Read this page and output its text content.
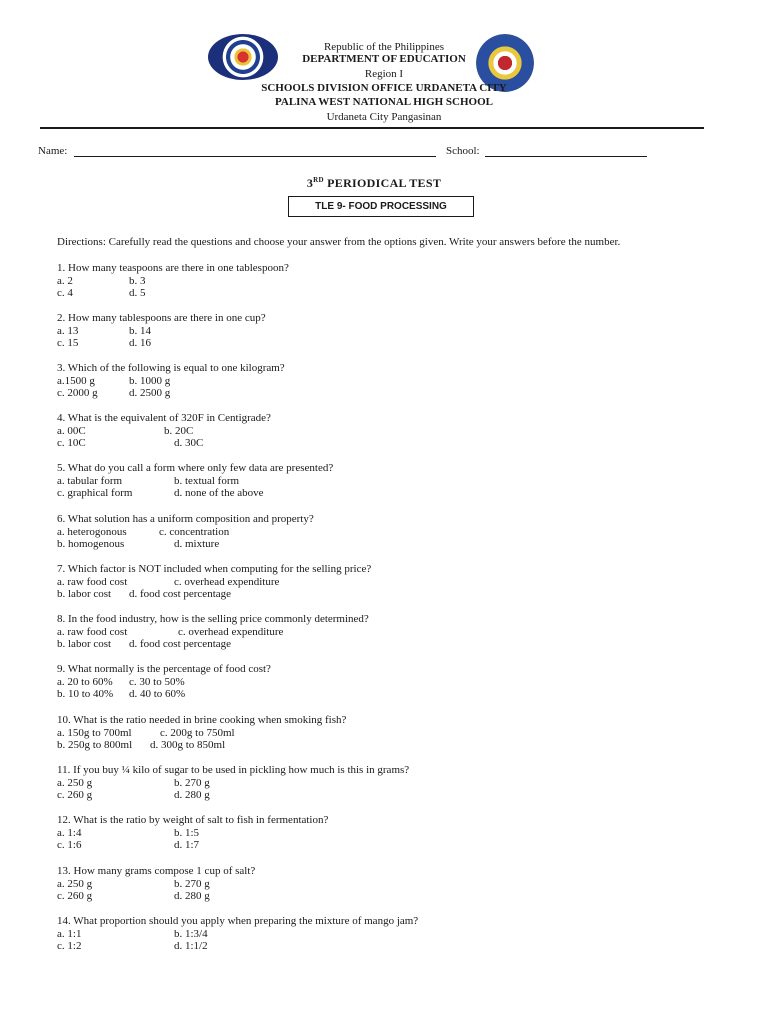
Republic of the Philippines
DEPARTMENT OF EDUCATION
Region I
SCHOOLS DIVISION OFFICE URDANETA CITY
PALINA WEST NATIONAL HIGH SCHOOL
Urdaneta City Pangasinan
Name:	School:
3RD PERIODICAL TEST
TLE 9- FOOD PROCESSING
Directions: Carefully read the questions and choose your answer from the options given. Write your answers before the number.
1. How many teaspoons are there in one tablespoon?
a. 2	b. 3
c. 4	d. 5
2. How many tablespoons are there in one cup?
a. 13	b. 14
c. 15	d. 16
3. Which of the following is equal to one kilogram?
a.1500 g	b. 1000 g
c. 2000 g	d. 2500 g
4. What is the equivalent of 320F in Centigrade?
a. 00C	b. 20C
c. 10C	d. 30C
5. What do you call a form where only few data are presented?
a. tabular form	b. textual form
c. graphical form	d. none of the above
6. What solution has a uniform composition and property?
a. heterogonous	c. concentration
b. homogenous	d. mixture
7. Which factor is NOT included when computing for the selling price?
a. raw food cost	c. overhead expenditure
b. labor cost d. food cost percentage
8. In the food industry, how is the selling price commonly determined?
a. raw food cost	c. overhead expenditure
b. labor cost d. food cost percentage
9. What normally is the percentage of food cost?
a. 20 to 60% c. 30 to 50%
b. 10 to 40% d. 40 to 60%
10. What is the ratio needed in brine cooking when smoking fish?
a. 150g to 700ml	c. 200g to 750ml
b. 250g to 800ml d. 300g to 850ml
11. If you buy ¼ kilo of sugar to be used in pickling how much is this in grams?
a. 250 g	b. 270 g
c. 260 g	d. 280 g
12. What is the ratio by weight of salt to fish in fermentation?
a. 1:4	b. 1:5
c. 1:6	d. 1:7
13. How many grams compose 1 cup of salt?
a. 250 g	b. 270 g
c. 260 g	d. 280 g
14. What proportion should you apply when preparing the mixture of mango jam?
a. 1:1	b. 1:3/4
c. 1:2	d. 1:1/2
